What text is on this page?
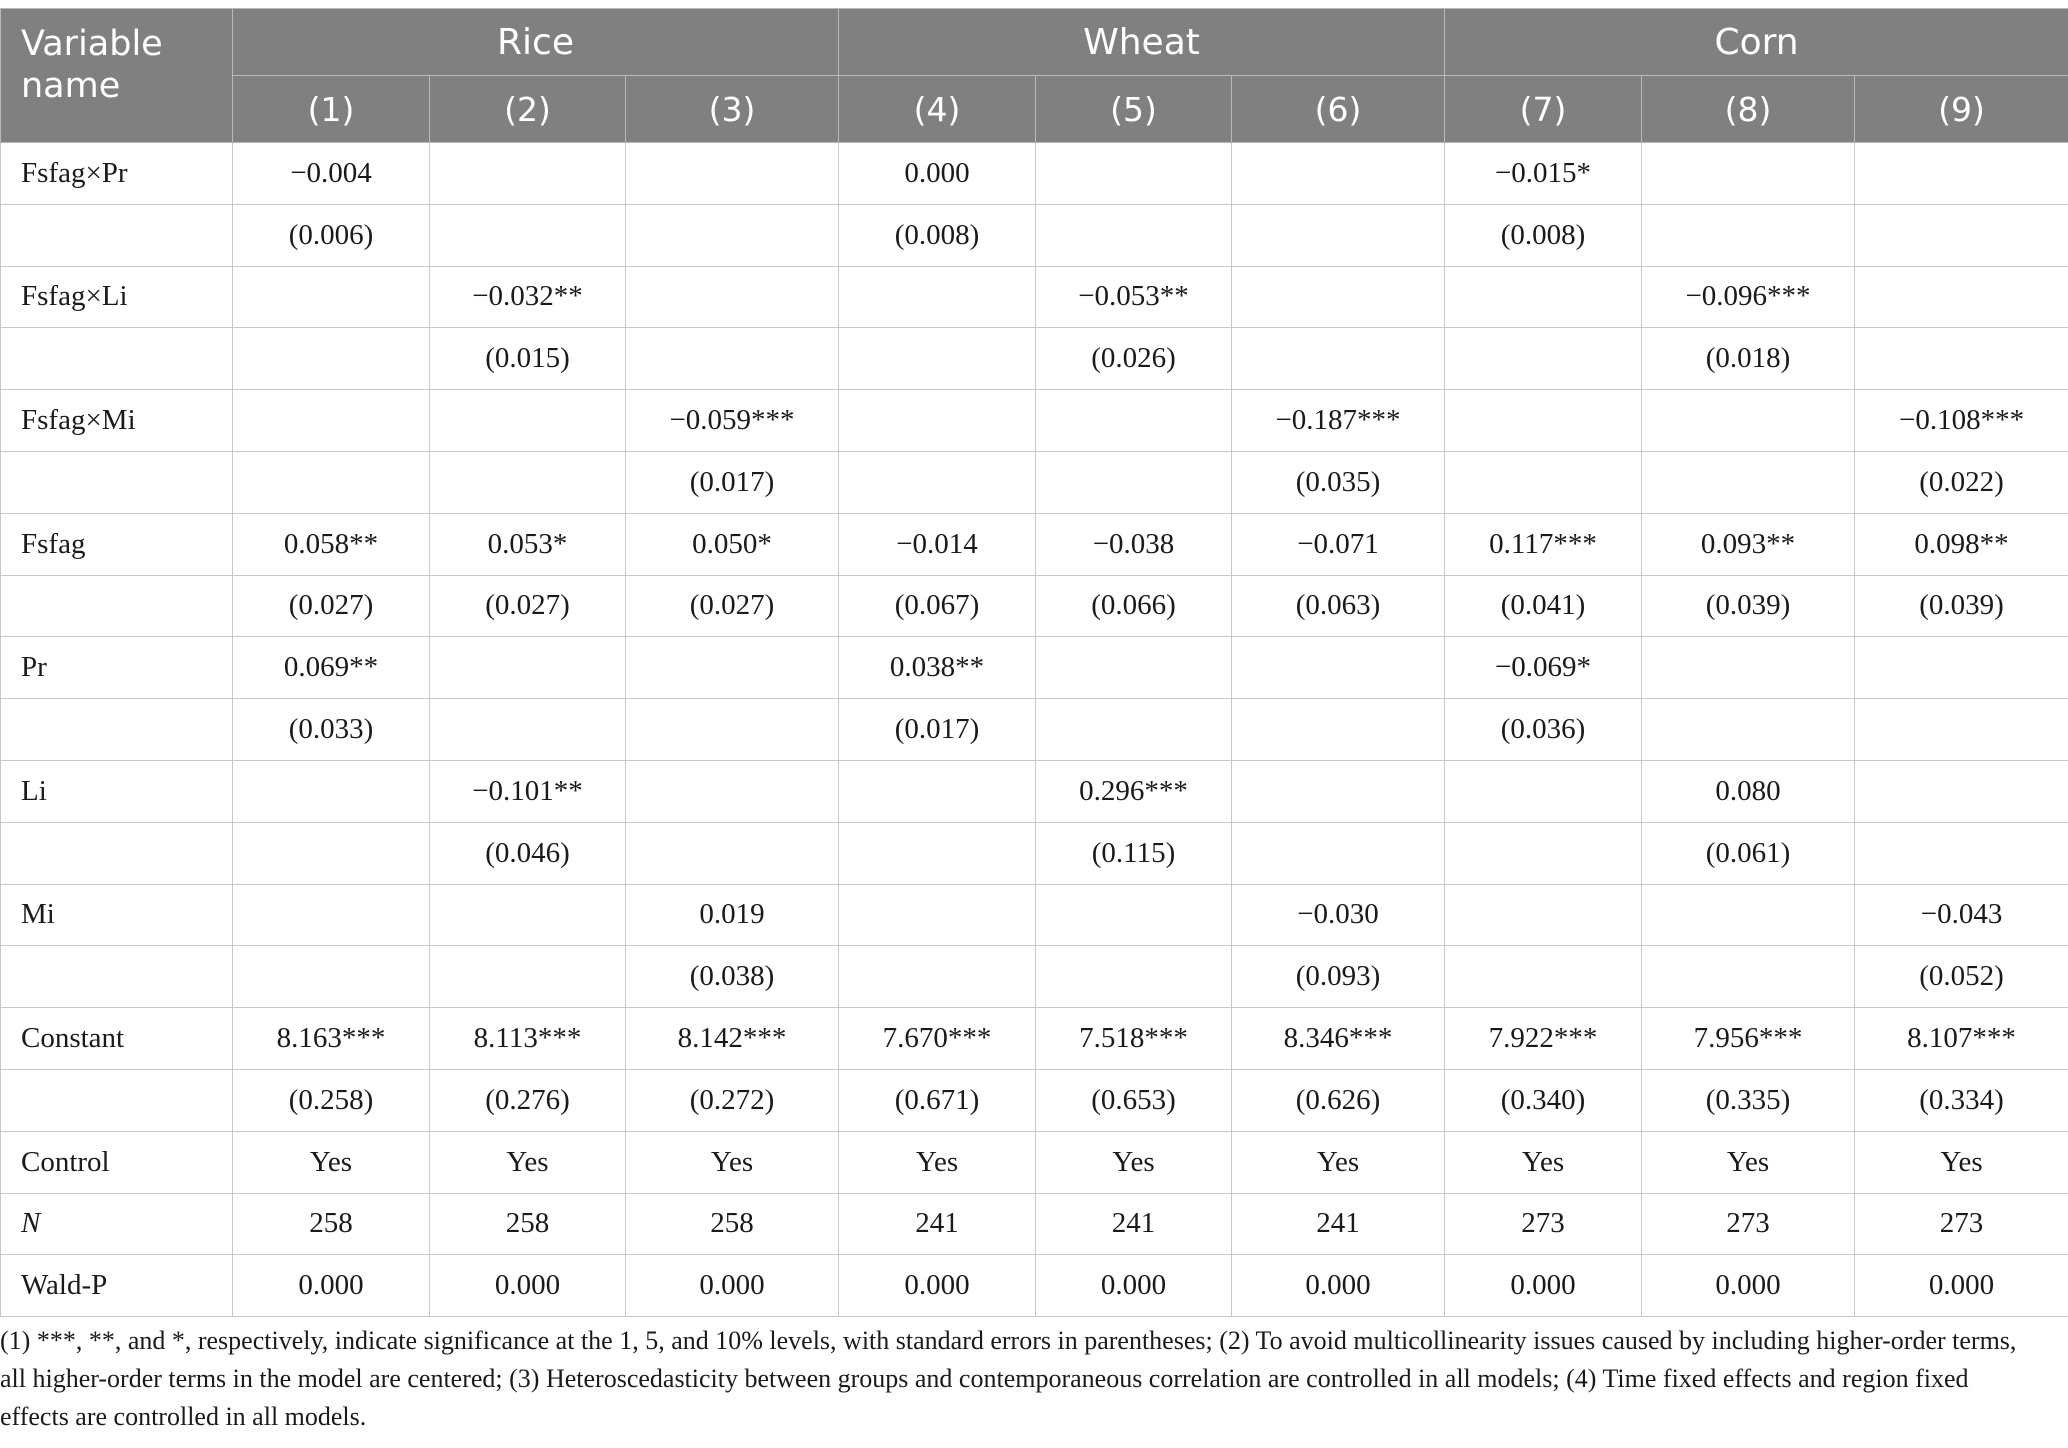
Variable
name	Rice			Wheat			Corn		
	(1)	(2)	(3)	(4)	(5)	(6)	(7)	(8)	(9)
Fsfag×Pr	−0.004			0.000			−0.015*		
	(0.006)			(0.008)			(0.008)		
Fsfag×Li		−0.032**			−0.053**			−0.096***	
		(0.015)			(0.026)			(0.018)	
Fsfag×Mi			−0.059***			−0.187***			−0.108***
			(0.017)			(0.035)			(0.022)
Fsfag	0.058**	0.053*	0.050*	−0.014	−0.038	−0.071	0.117***	0.093**	0.098**
	(0.027)	(0.027)	(0.027)	(0.067)	(0.066)	(0.063)	(0.041)	(0.039)	(0.039)
Pr	0.069**			0.038**			−0.069*		
	(0.033)			(0.017)			(0.036)		
Li		−0.101**			0.296***			0.080	
		(0.046)			(0.115)			(0.061)	
Mi			0.019			−0.030			−0.043
			(0.038)			(0.093)			(0.052)
Constant	8.163***	8.113***	8.142***	7.670***	7.518***	8.346***	7.922***	7.956***	8.107***
	(0.258)	(0.276)	(0.272)	(0.671)	(0.653)	(0.626)	(0.340)	(0.335)	(0.334)
Control	Yes	Yes	Yes	Yes	Yes	Yes	Yes	Yes	Yes
N	258	258	258	241	241	241	273	273	273
Wald-P	0.000	0.000	0.000	0.000	0.000	0.000	0.000	0.000	0.000

(1) ***, **, and *, respectively, indicate significance at the 1, 5, and 10% levels, with standard errors in parentheses; (2) To avoid multicollinearity issues caused by including higher-order terms, all higher-order terms in the model are centered; (3) Heteroscedasticity between groups and contemporaneous correlation are controlled in all models; (4) Time fixed effects and region fixed effects are controlled in all models.
